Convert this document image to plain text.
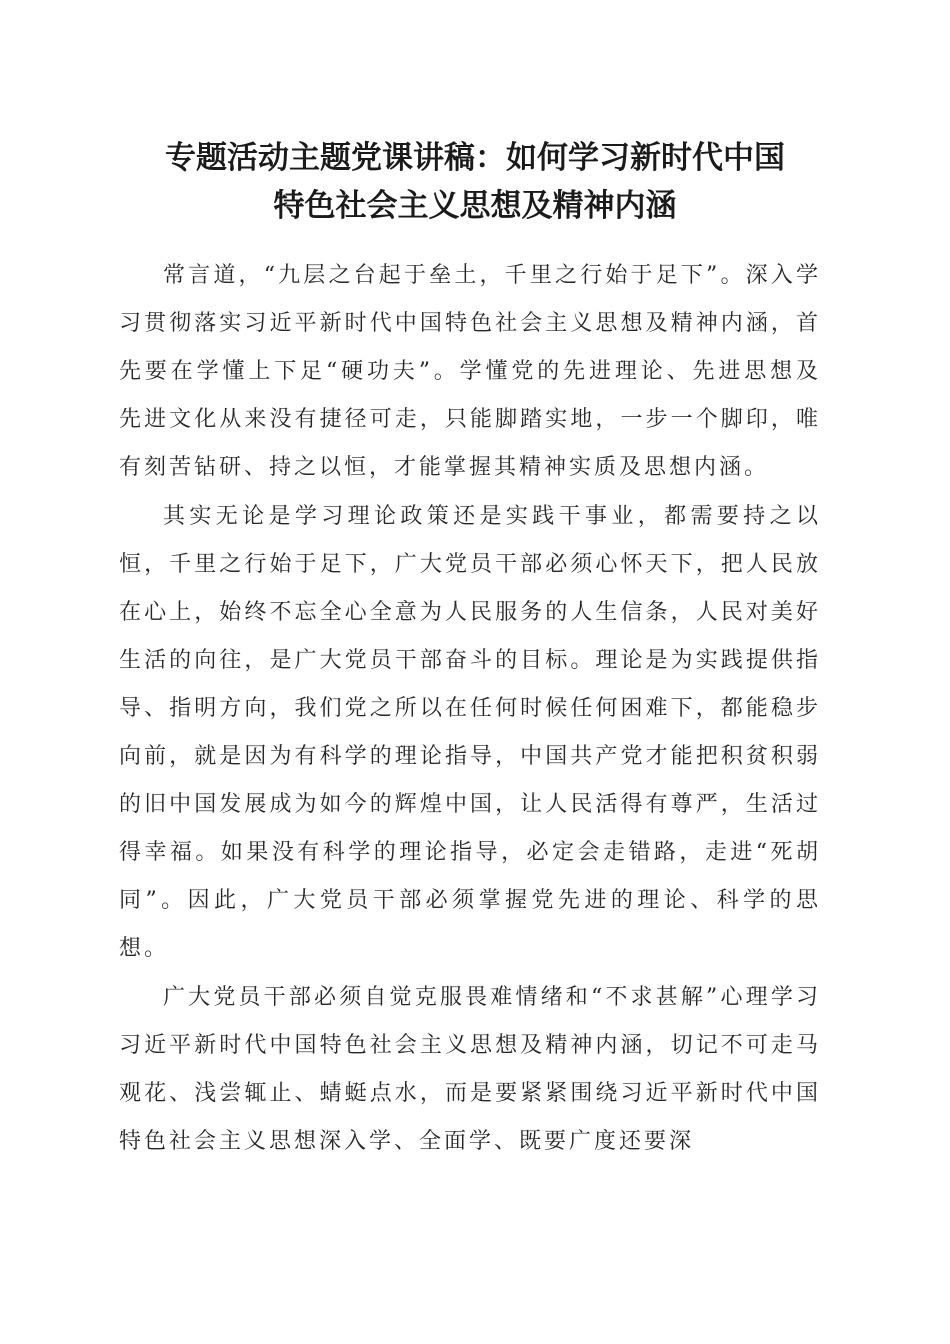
专题活动主题党课讲稿：如何学习新时代中国
特色社会主义思想及精神内涵

常言道，“九层之台起于垒土，千里之行始于足下”。深入学习贯彻落实习近平新时代中国特色社会主义思想及精神内涵，首先要在学懂上下足“硬功夫”。学懂党的先进理论、先进思想及先进文化从来没有捷径可走，只能脚踏实地，一步一个脚印，唯有刻苦钻研、持之以恒，才能掌握其精神实质及思想内涵。

其实无论是学习理论政策还是实践干事业，都需要持之以恒，千里之行始于足下，广大党员干部必须心怀天下，把人民放在心上，始终不忘全心全意为人民服务的人生信条，人民对美好生活的向往，是广大党员干部奋斗的目标。理论是为实践提供指导、指明方向，我们党之所以在任何时候任何困难下，都能稳步向前，就是因为有科学的理论指导，中国共产党才能把积贫积弱的旧中国发展成为如今的辉煌中国，让人民活得有尊严，生活过得幸福。如果没有科学的理论指导，必定会走错路，走进“死胡同”。因此，广大党员干部必须掌握党先进的理论、科学的思想。

广大党员干部必须自觉克服畏难情绪和“不求甚解”心理学习习近平新时代中国特色社会主义思想及精神内涵，切记不可走马观花、浅尝辄止、蜻蜓点水，而是要紧紧围绕习近平新时代中国特色社会主义思想深入学、全面学、既要广度还要深
